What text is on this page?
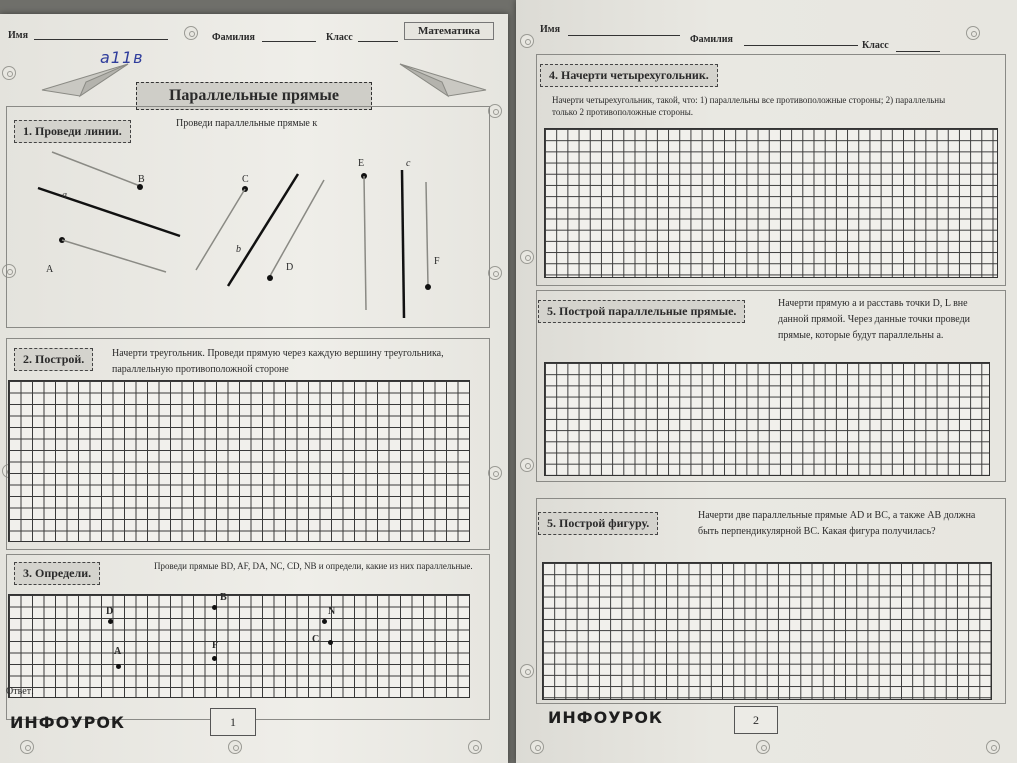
Имя	Фамилия	Класс
Математика
a11в
Параллельные прямые
1. Проведи линии.
Проведи параллельные прямые к
B
a
A
C
b
D
E	c
F
2. Построй.	Начерти треугольник. Проведи прямую через каждую вершину треугольника, параллельную противоположной стороне
3. Определи.	Проведи прямые BD, AF, DA, NC, CD, NB и определи, какие из них параллельные.
D
B
N
A
F
C
Ответ:
ИНФОУРОК	1
Имя
Фамилия
Класс
4. Начерти четырехугольник.
Начерти четырехугольник, такой, что: 1) параллельны все противоположные стороны; 2) параллельны только 2 противоположные стороны.
5. Построй параллельные прямые.
Начерти прямую a и расставь точки D, L вне данной прямой. Через данные точки проведи прямые, которые будут параллельны a.
5. Построй фигуру.
Начерти две параллельные прямые AD и BC, а также AB должна быть перпендикулярной BC. Какая фигура получилась?
ИНФОУРОК	2
